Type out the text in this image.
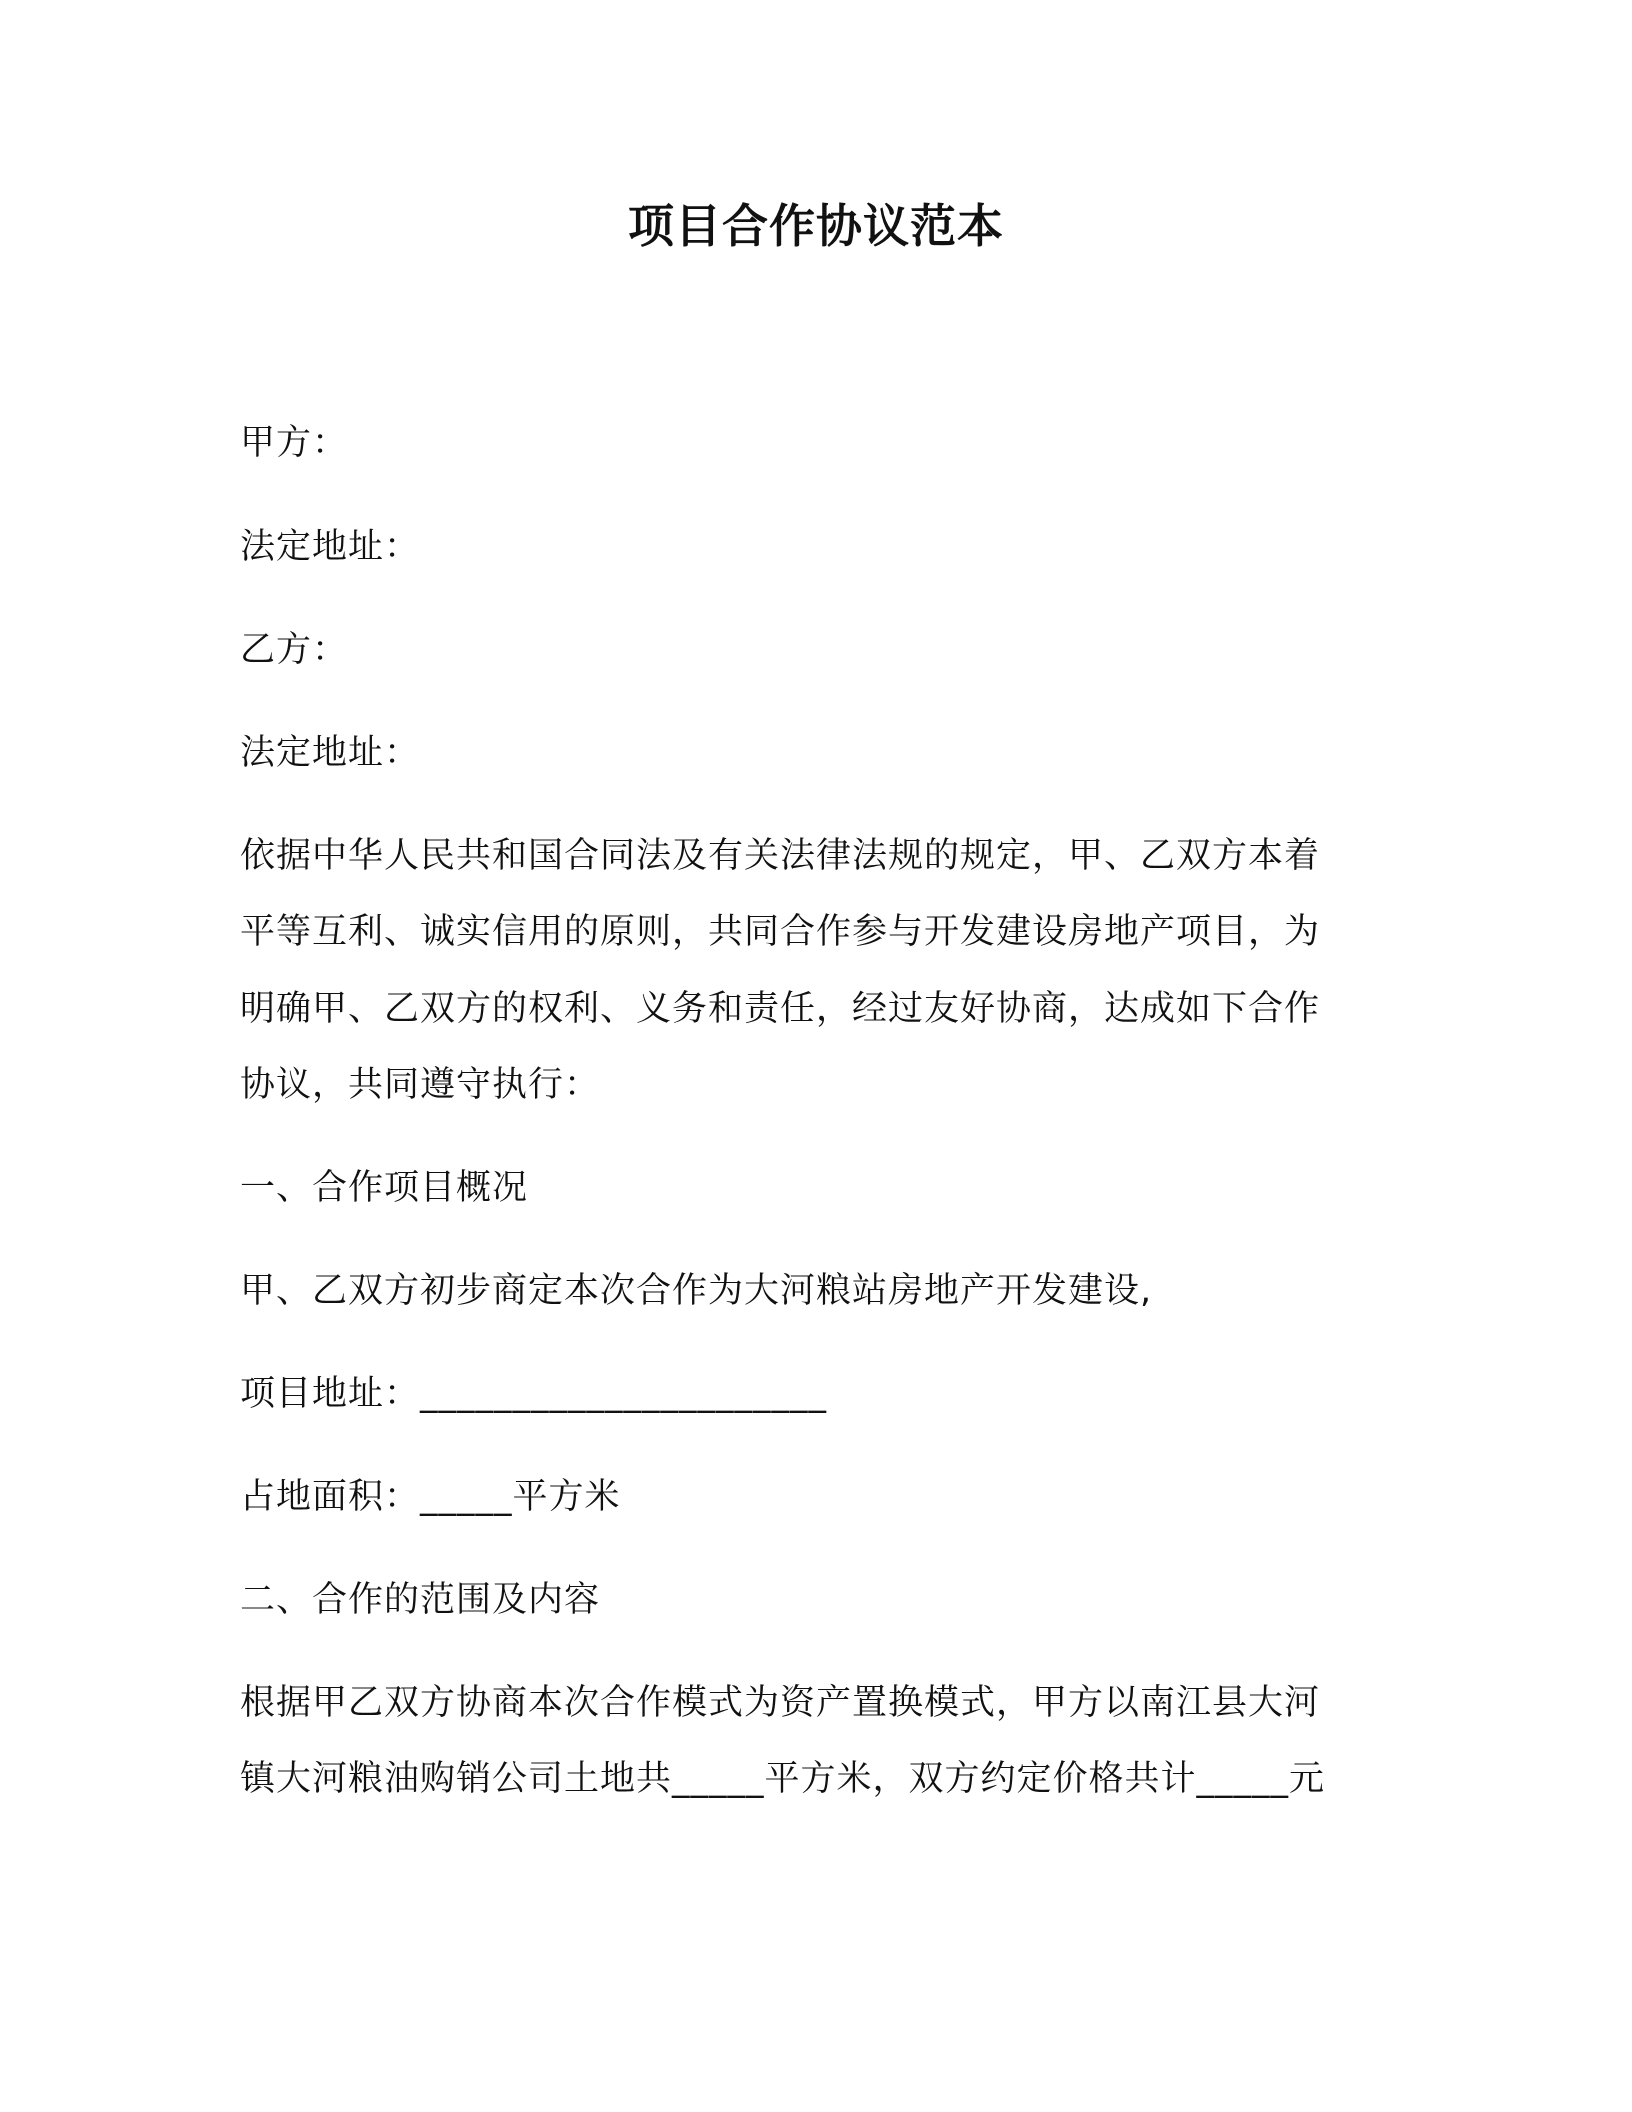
项目合作协议范本
甲方：
法定地址：
乙方：
法定地址：
依据中华人民共和国合同法及有关法律法规的规定，甲、乙双方本着
平等互利、诚实信用的原则，共同合作参与开发建设房地产项目，为
明确甲、乙双方的权利、义务和责任，经过友好协商，达成如下合作
协议，共同遵守执行：
一、合作项目概况
甲、乙双方初步商定本次合作为大河粮站房地产开发建设,
项目地址：______________________
占地面积：_____平方米
二、合作的范围及内容
根据甲乙双方协商本次合作模式为资产置换模式，甲方以南江县大河
镇大河粮油购销公司土地共_____平方米，双方约定价格共计_____元
